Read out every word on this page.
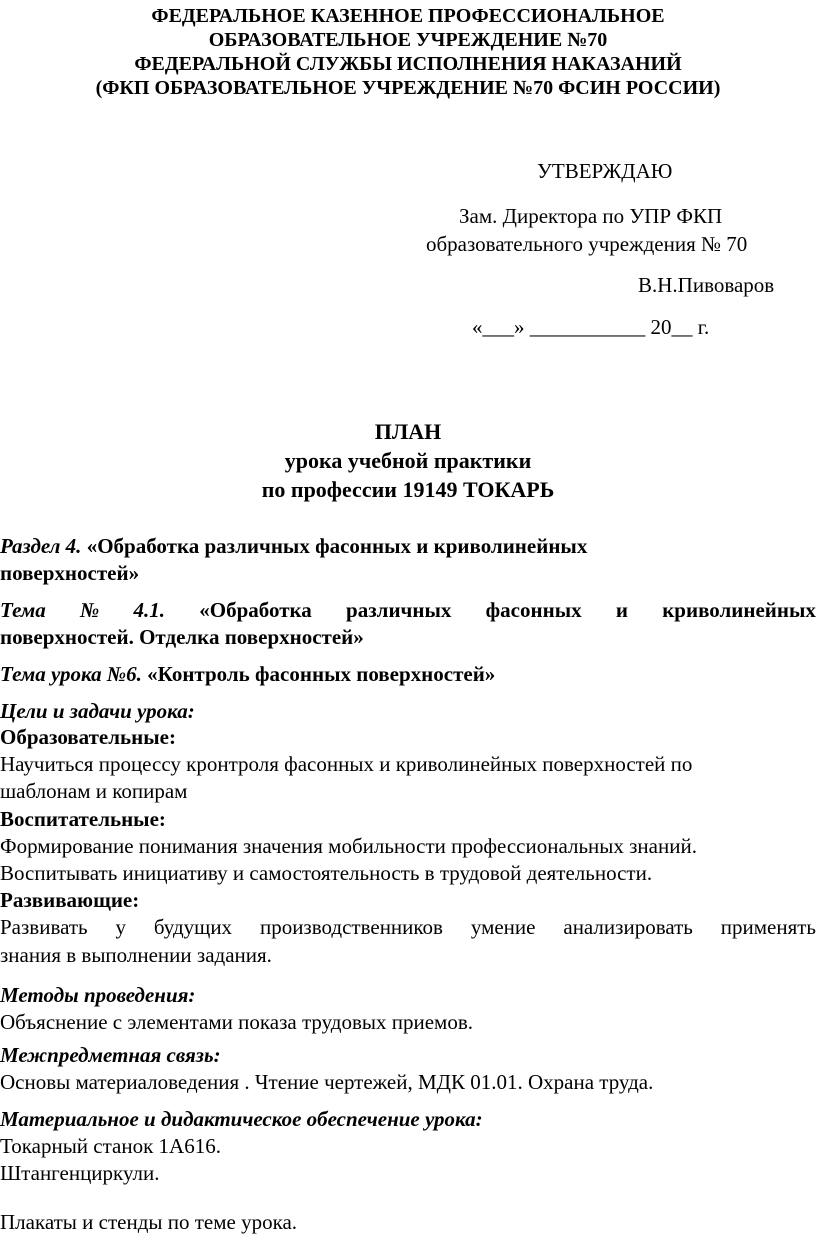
ФЕДЕРАЛЬНОЕ КАЗЕННОЕ ПРОФЕССИОНАЛЬНОЕ
ОБРАЗОВАТЕЛЬНОЕ УЧРЕЖДЕНИЕ №70
ФЕДЕРАЛЬНОЙ СЛУЖБЫ ИСПОЛНЕНИЯ НАКАЗАНИЙ
(ФКП ОБРАЗОВАТЕЛЬНОЕ УЧРЕЖДЕНИЕ №70 ФСИН РОССИИ)
УТВЕРЖДАЮ
Зам. Директора по УПР ФКП
образовательного учреждения № 70
В.Н.Пивоваров
«___» ___________ 20__ г.
ПЛАН
урока учебной практики
по профессии 19149 ТОКАРЬ
Раздел 4. «Обработка различных фасонных и криволинейных
поверхностей»
Тема № 4.1. «Обработка различных фасонных и криволинейных
поверхностей. Отделка поверхностей»
Тема урока №6. «Контроль фасонных поверхностей»
Цели и задачи урока:
Образовательные:
Научиться процессу кронтроля фасонных и криволинейных поверхностей по
шаблонам и копирам
Воспитательные:
Формирование понимания значения мобильности профессиональных знаний.
Воспитывать инициативу и самостоятельность в трудовой деятельности.
Развивающие:
Развивать у будущих производственников умение анализировать применять
знания в выполнении задания.
Методы проведения:
Объяснение с элементами показа трудовых приемов.
Межпредметная связь:
Основы материаловедения . Чтение чертежей, МДК 01.01. Охрана труда.
Материальное и дидактическое обеспечение урока:
Токарный станок 1А616.
Штангенциркули.
Плакаты и стенды по теме урока.
